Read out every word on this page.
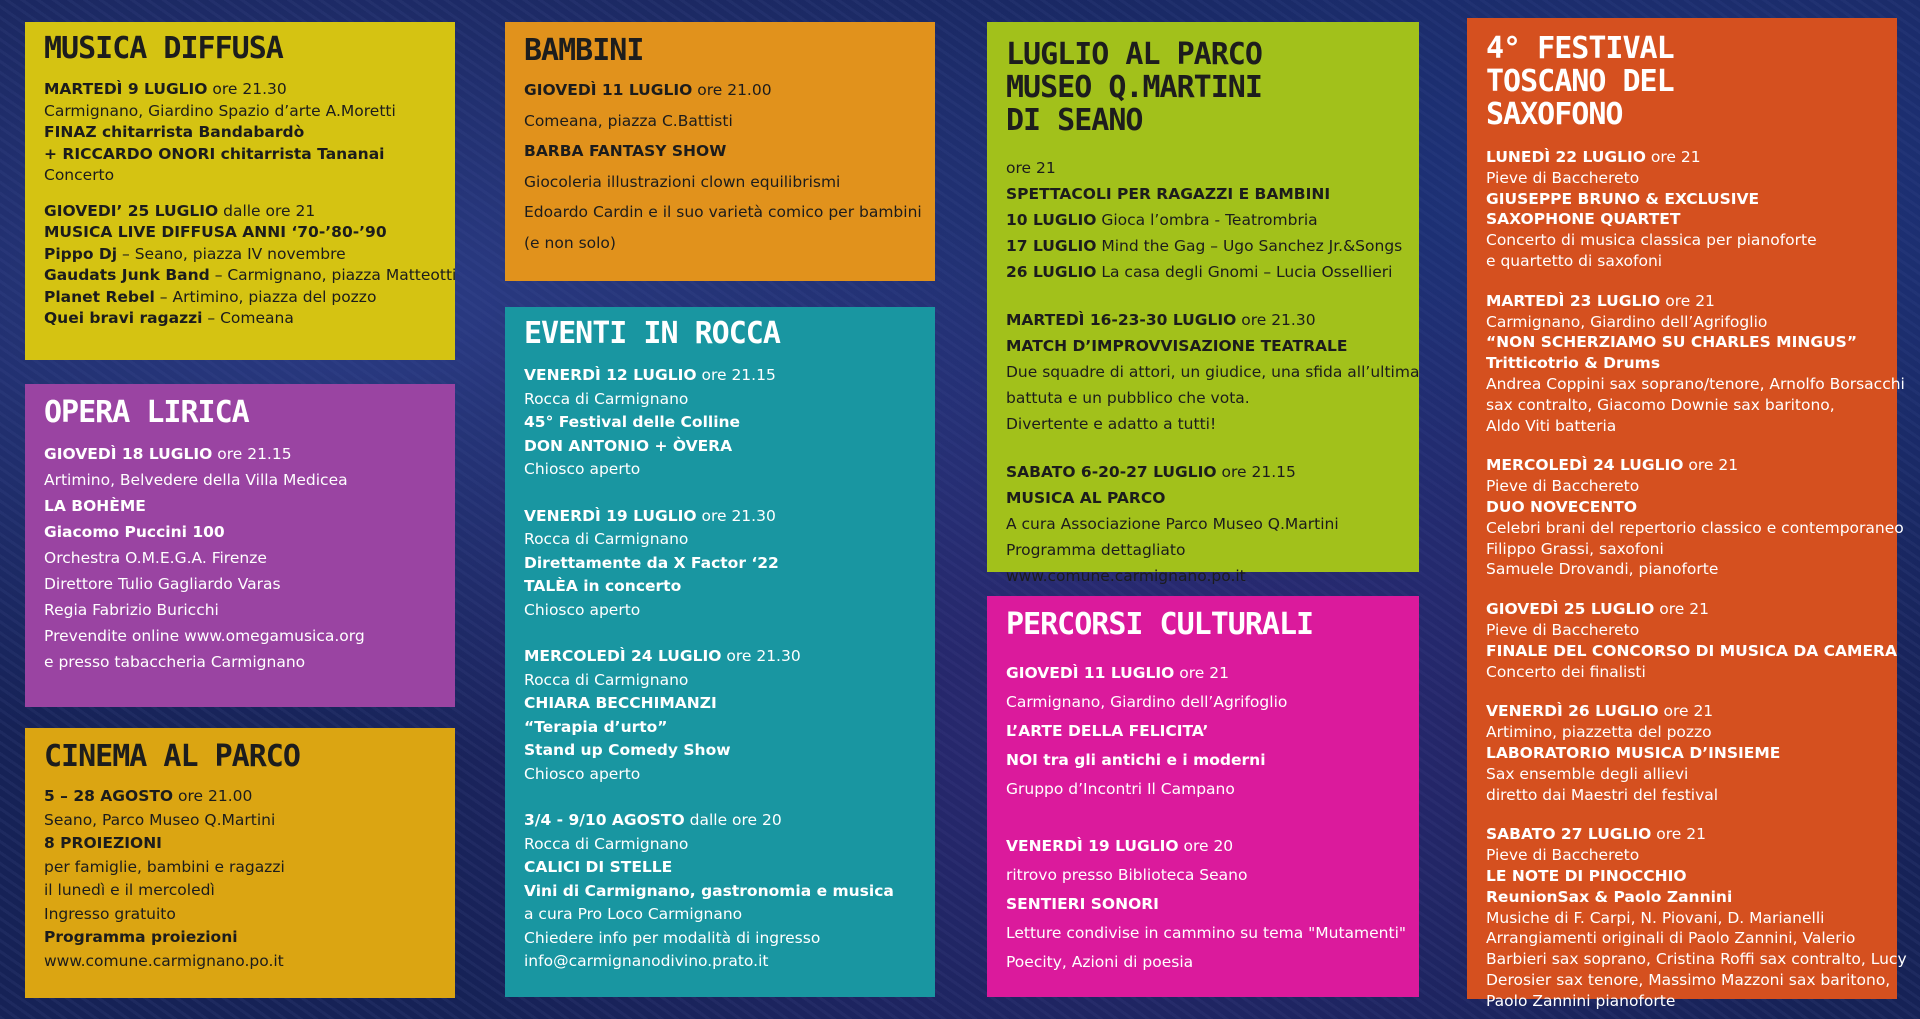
MUSICA DIFFUSA
MARTEDÌ 9 LUGLIO ore 21.30
Carmignano, Giardino Spazio d’arte A.Moretti
FINAZ chitarrista Bandabardò
+ RICCARDO ONORI chitarrista Tananai
Concerto
GIOVEDI’ 25 LUGLIO dalle ore 21
MUSICA LIVE DIFFUSA ANNI ‘70-’80-’90
Pippo Dj – Seano, piazza IV novembre
Gaudats Junk Band – Carmignano, piazza Matteotti
Planet Rebel – Artimino, piazza del pozzo
Quei bravi ragazzi – Comeana
OPERA LIRICA
GIOVEDÌ 18 LUGLIO ore 21.15
Artimino, Belvedere della Villa Medicea
LA BOHÈME
Giacomo Puccini 100
Orchestra O.M.E.G.A. Firenze
Direttore Tulio Gagliardo Varas
Regia Fabrizio Buricchi
Prevendite online www.omegamusica.org
e presso tabaccheria Carmignano
CINEMA AL PARCO
5 – 28 AGOSTO ore 21.00
Seano, Parco Museo Q.Martini
8 PROIEZIONI
per famiglie, bambini e ragazzi
il lunedì e il mercoledì
Ingresso gratuito
Programma proiezioni
www.comune.carmignano.po.it
BAMBINI
GIOVEDÌ 11 LUGLIO ore 21.00
Comeana, piazza C.Battisti
BARBA FANTASY SHOW
Giocoleria illustrazioni clown equilibrismi
Edoardo Cardin e il suo varietà comico per bambini
(e non solo)
EVENTI IN ROCCA
VENERDÌ 12 LUGLIO ore 21.15
Rocca di Carmignano
45° Festival delle Colline
DON ANTONIO + ÒVERA
Chiosco aperto
VENERDÌ 19 LUGLIO ore 21.30
Rocca di Carmignano
Direttamente da X Factor ‘22
TALÈA in concerto
Chiosco aperto
MERCOLEDÌ 24 LUGLIO ore 21.30
Rocca di Carmignano
CHIARA BECCHIMANZI
“Terapia d’urto”
Stand up Comedy Show
Chiosco aperto
3/4 - 9/10 AGOSTO dalle ore 20
Rocca di Carmignano
CALICI DI STELLE
Vini di Carmignano, gastronomia e musica
a cura Pro Loco Carmignano
Chiedere info per modalità di ingresso
info@carmignanodivino.prato.it
LUGLIO AL PARCO MUSEO Q.MARTINI DI SEANO
ore 21
SPETTACOLI PER RAGAZZI E BAMBINI
10 LUGLIO Gioca l’ombra - Teatrombria
17 LUGLIO Mind the Gag – Ugo Sanchez Jr.&Songs
26 LUGLIO La casa degli Gnomi – Lucia Ossellieri
MARTEDÌ 16-23-30 LUGLIO ore 21.30
MATCH D’IMPROVVISAZIONE TEATRALE
Due squadre di attori, un giudice, una sfida all’ultima
battuta e un pubblico che vota.
Divertente e adatto a tutti!
SABATO 6-20-27 LUGLIO ore 21.15
MUSICA AL PARCO
A cura Associazione Parco Museo Q.Martini
Programma dettagliato
www.comune.carmignano.po.it
PERCORSI CULTURALI
GIOVEDÌ 11 LUGLIO ore 21
Carmignano, Giardino dell’Agrifoglio
L’ARTE DELLA FELICITA’
NOI tra gli antichi e i moderni
Gruppo d’Incontri Il Campano
VENERDÌ 19 LUGLIO ore 20
ritrovo presso Biblioteca Seano
SENTIERI SONORI
Letture condivise in cammino su tema "Mutamenti"
Poecity, Azioni di poesia
4° FESTIVAL TOSCANO DEL SAXOFONO
LUNEDÌ 22 LUGLIO ore 21
Pieve di Bacchereto
GIUSEPPE BRUNO & EXCLUSIVE
SAXOPHONE QUARTET
Concerto di musica classica per pianoforte
e quartetto di saxofoni
MARTEDÌ 23 LUGLIO ore 21
Carmignano, Giardino dell’Agrifoglio
“NON SCHERZIAMO SU CHARLES MINGUS”
Tritticotrio & Drums
Andrea Coppini sax soprano/tenore, Arnolfo Borsacchi
sax contralto, Giacomo Downie sax baritono,
Aldo Viti batteria
MERCOLEDÌ 24 LUGLIO ore 21
Pieve di Bacchereto
DUO NOVECENTO
Celebri brani del repertorio classico e contemporaneo
Filippo Grassi, saxofoni
Samuele Drovandi, pianoforte
GIOVEDÌ 25 LUGLIO ore 21
Pieve di Bacchereto
FINALE DEL CONCORSO DI MUSICA DA CAMERA
Concerto dei finalisti
VENERDÌ 26 LUGLIO ore 21
Artimino, piazzetta del pozzo
LABORATORIO MUSICA D’INSIEME
Sax ensemble degli allievi
diretto dai Maestri del festival
SABATO 27 LUGLIO ore 21
Pieve di Bacchereto
LE NOTE DI PINOCCHIO
ReunionSax & Paolo Zannini
Musiche di F. Carpi, N. Piovani, D. Marianelli
Arrangiamenti originali di Paolo Zannini, Valerio
Barbieri sax soprano, Cristina Roffi sax contralto, Lucy
Derosier sax tenore, Massimo Mazzoni sax baritono,
Paolo Zannini pianoforte
